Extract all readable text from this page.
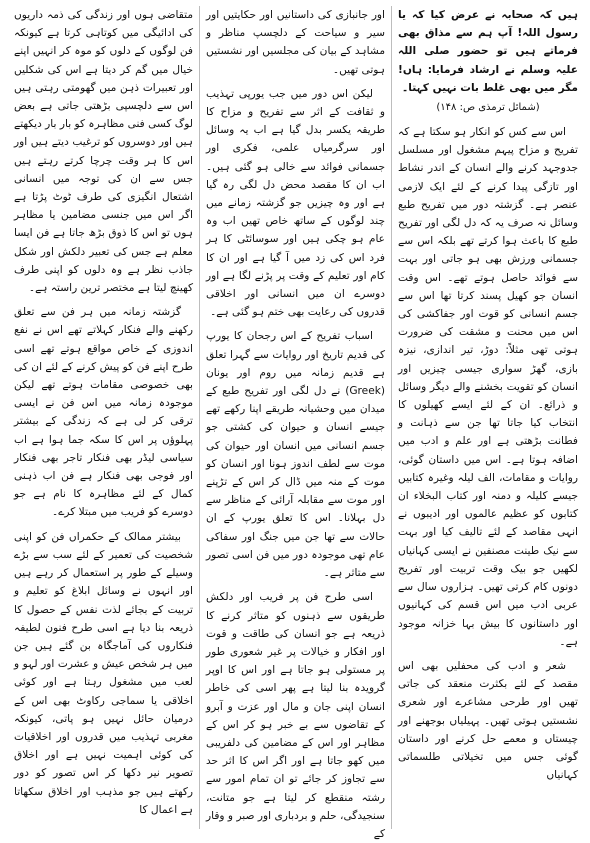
ہیں کہ صحابہ نے عرض کیا کہ یا رسول اللہ! آپ ہم سے مذاق بھی فرماتے ہیں تو حضور صلی اللہ علیہ وسلم نے ارشاد فرمایا: ہاں! مگر میں بھی غلط بات نہیں کہتا۔

(شمائل ترمذی ص: ۱۴۸)

اس سے کس کو انکار ہو سکتا ہے کہ تفریح و مزاح پیہم مشغول اور مسلسل جدوجہد کرنے والے انسان کے اندر نشاط اور تازگی پیدا کرنے کے لئے ایک لازمی عنصر ہے۔ گزشتہ دور میں تفریح طبع وسائل نہ صرف یہ کہ دل لگی اور تفریح طبع کا باعث ہوا کرتے تھے بلکہ اس سے جسمانی ورزش بھی ہو جاتی اور بہت سے فوائد حاصل ہوتے تھے۔ اس وقت انسان جو کھیل پسند کرتا تھا اس سے جسم انسانی کو قوت اور جفاکشی کی اس میں محنت و مشقت کی ضرورت ہوتی تھی مثلاً: دوڑ، تیر اندازی، نیزہ بازی، گھڑ سواری جیسی چیزیں اور انسان کو تقویت بخشنے والے دیگر وسائل و ذرائع۔ ان کے لئے ایسے کھیلوں کا انتخاب کیا جاتا تھا جن سے ذہانت و فطانت بڑھتی ہے اور علم و ادب میں اضافہ ہوتا ہے۔ اس میں داستان گوئی، روایات و مقامات، الف لیلہ وغیرہ کتابیں جیسے کلیلہ و دمنہ اور کتاب البخلاء ان کتابوں کو عظیم عالموں اور ادیبوں نے انہی مقاصد کے لئے تالیف کیا اور بہت سے نیک طینت مصنفین نے ایسی کہانیاں لکھیں جو بیک وقت تربیت اور تفریح دونوں کام کرتی تھیں۔ ہزاروں سال سے عربی ادب میں اس قسم کی کہانیوں اور داستانوں کا بیش بہا خزانہ موجود ہے۔

شعر و ادب کی محفلیں بھی اس مقصد کے لئے بکثرت منعقد کی جاتی تھیں اور طرحی مشاعرے اور شعری نشستیں ہوتی تھیں۔ پہیلیاں بوجھنے اور چیستاں و معمے حل کرنے اور داستان گوئی جس میں تخیلاتی طلسماتی کہانیاں

اور جانبازی کی داستانیں اور حکایتیں اور سیر و سیاحت کے دلچسپ مناظر و مشاہد کے بیان کی مجلسیں اور نشستیں ہوتی تھیں۔

لیکن اس دور میں جب یورپی تہذیب و ثقافت کے اثر سے تفریح و مزاح کا طریقہ یکسر بدل گیا ہے اب یہ وسائل اور سرگرمیاں علمی، فکری اور جسمانی فوائد سے خالی ہو گئی ہیں۔ اب ان کا مقصد محض دل لگی رہ گیا ہے اور وہ چیزیں جو گزشتہ زمانے میں چند لوگوں کے ساتھ خاص تھیں اب وہ عام ہو چکی ہیں اور سوسائٹی کا ہر فرد اس کی زد میں آ گیا ہے اور ان کا کام اور تعلیم کے وقت پر پڑنے لگا ہے اور دوسرے ان میں انسانی اور اخلاقی قدروں کی رعایت بھی ختم ہو گئی ہے۔

اسباب تفریح کے اس رجحان کا یورپ کی قدیم تاریخ اور روایات سے گہرا تعلق ہے قدیم زمانہ میں روم اور یونان (Greek) نے دل لگی اور تفریح طبع کے میدان میں وحشیانہ طریقے اپنا رکھے تھے جیسے انسان و حیوان کی کشتی جو جسم انسانی میں انسان اور حیوان کی موت سے لطف اندوز ہونا اور انسان کو موت کے منہ میں ڈال کر اس کے تڑپنے اور موت سے مقابلہ آرائی کے مناظر سے دل بہلانا۔ اس کا تعلق یورپ کے ان حالات سے تھا جن میں جنگ اور سفاکی عام تھی موجودہ دور میں فن اسی تصور سے متاثر ہے۔

اسی طرح فن پر فریب اور دلکش طریقوں سے ذہنوں کو متاثر کرنے کا ذریعہ ہے جو انسان کی طاقت و قوت اور افکار و خیالات پر غیر شعوری طور پر مستولی ہو جاتا ہے اور اس کا اوپر گرویدہ بنا لیتا ہے پھر اسی کی خاطر انسان اپنی جان و مال اور عزت و آبرو کے تقاضوں سے بے خبر ہو کر اس کے مظاہر اور اس کے مضامین کی دلفریبی میں کھو جاتا ہے اور اگر اس کا اثر حد سے تجاوز کر جائے تو ان تمام امور سے رشتہ منقطع کر لیتا ہے جو متانت، سنجیدگی، حلم و بردباری اور صبر و وقار کے

متقاضی ہوں اور زندگی کی ذمہ داریوں کی ادائیگی میں کوتاہی کرتا ہے کیونکہ فن لوگوں کے دلوں کو موہ کر انہیں اپنے خیال میں گم کر دیتا ہے اس کی شکلیں اور تعبیرات ذہن میں گھومتی رہتی ہیں اس سے دلچسپی بڑھتی جاتی ہے بعض لوگ کسی فنی مظاہرہ کو بار بار دیکھتے ہیں اور دوسروں کو ترغیب دیتے ہیں اور اس کا ہر وقت چرچا کرتے رہتے ہیں جس سے ان کی توجہ میں انسانی اشتعال انگیزی کی طرف ٹوٹ پڑتا ہے اگر اس میں جنسی مضامین یا مظاہر ہوں تو اس کا ذوق بڑھ جاتا ہے فن ایسا معلم ہے جس کی تعبیر دلکش اور شکل جاذب نظر ہے وہ دلوں کو اپنی طرف کھینچ لیتا ہے مختصر ترین راستہ ہے۔

گزشتہ زمانہ میں ہر فن سے تعلق رکھنے والے فنکار کہلاتے تھے اس نے نفع اندوزی کے خاص مواقع ہوتے تھے اسی طرح اپنے فن کو پیش کرنے کے لئے ان کی بھی خصوصی مقامات ہوتے تھے لیکن موجودہ زمانہ میں اس فن نے ایسی ترقی کر لی ہے کہ زندگی کے بیشتر پہلوؤں پر اس کا سکہ جما ہوا ہے اب سیاسی لیڈر بھی فنکار تاجر بھی فنکار اور فوجی بھی فنکار ہے فن اب ذہنی کمال کے لئے مظاہرہ کا نام ہے جو دوسرے کو فریب میں مبتلا کرے۔

بیشتر ممالک کے حکمراں فن کو اپنی شخصیت کی تعمیر کے لئے سب سے بڑے وسیلے کے طور پر استعمال کر رہے ہیں اور انہوں نے وسائل ابلاغ کو تعلیم و تربیت کے بجائے لذت نفس کے حصول کا ذریعہ بنا دیا ہے اسی طرح فنون لطیفہ فنکاروں کی آماجگاہ بن گئے ہیں جن میں ہر شخص عیش و عشرت اور لہو و لعب میں مشغول رہتا ہے اور کوئی اخلاقی یا سماجی رکاوٹ بھی اس کے درمیان حائل نہیں ہو پاتی، کیونکہ مغربی تہذیب میں قدروں اور اخلاقیات کی کوئی اہمیت نہیں ہے اور اخلاق تصویر نیر دکھا کر اس تصور کو دور رکھتے ہیں جو مذہب اور اخلاق سکھاتا ہے اعمال کا
